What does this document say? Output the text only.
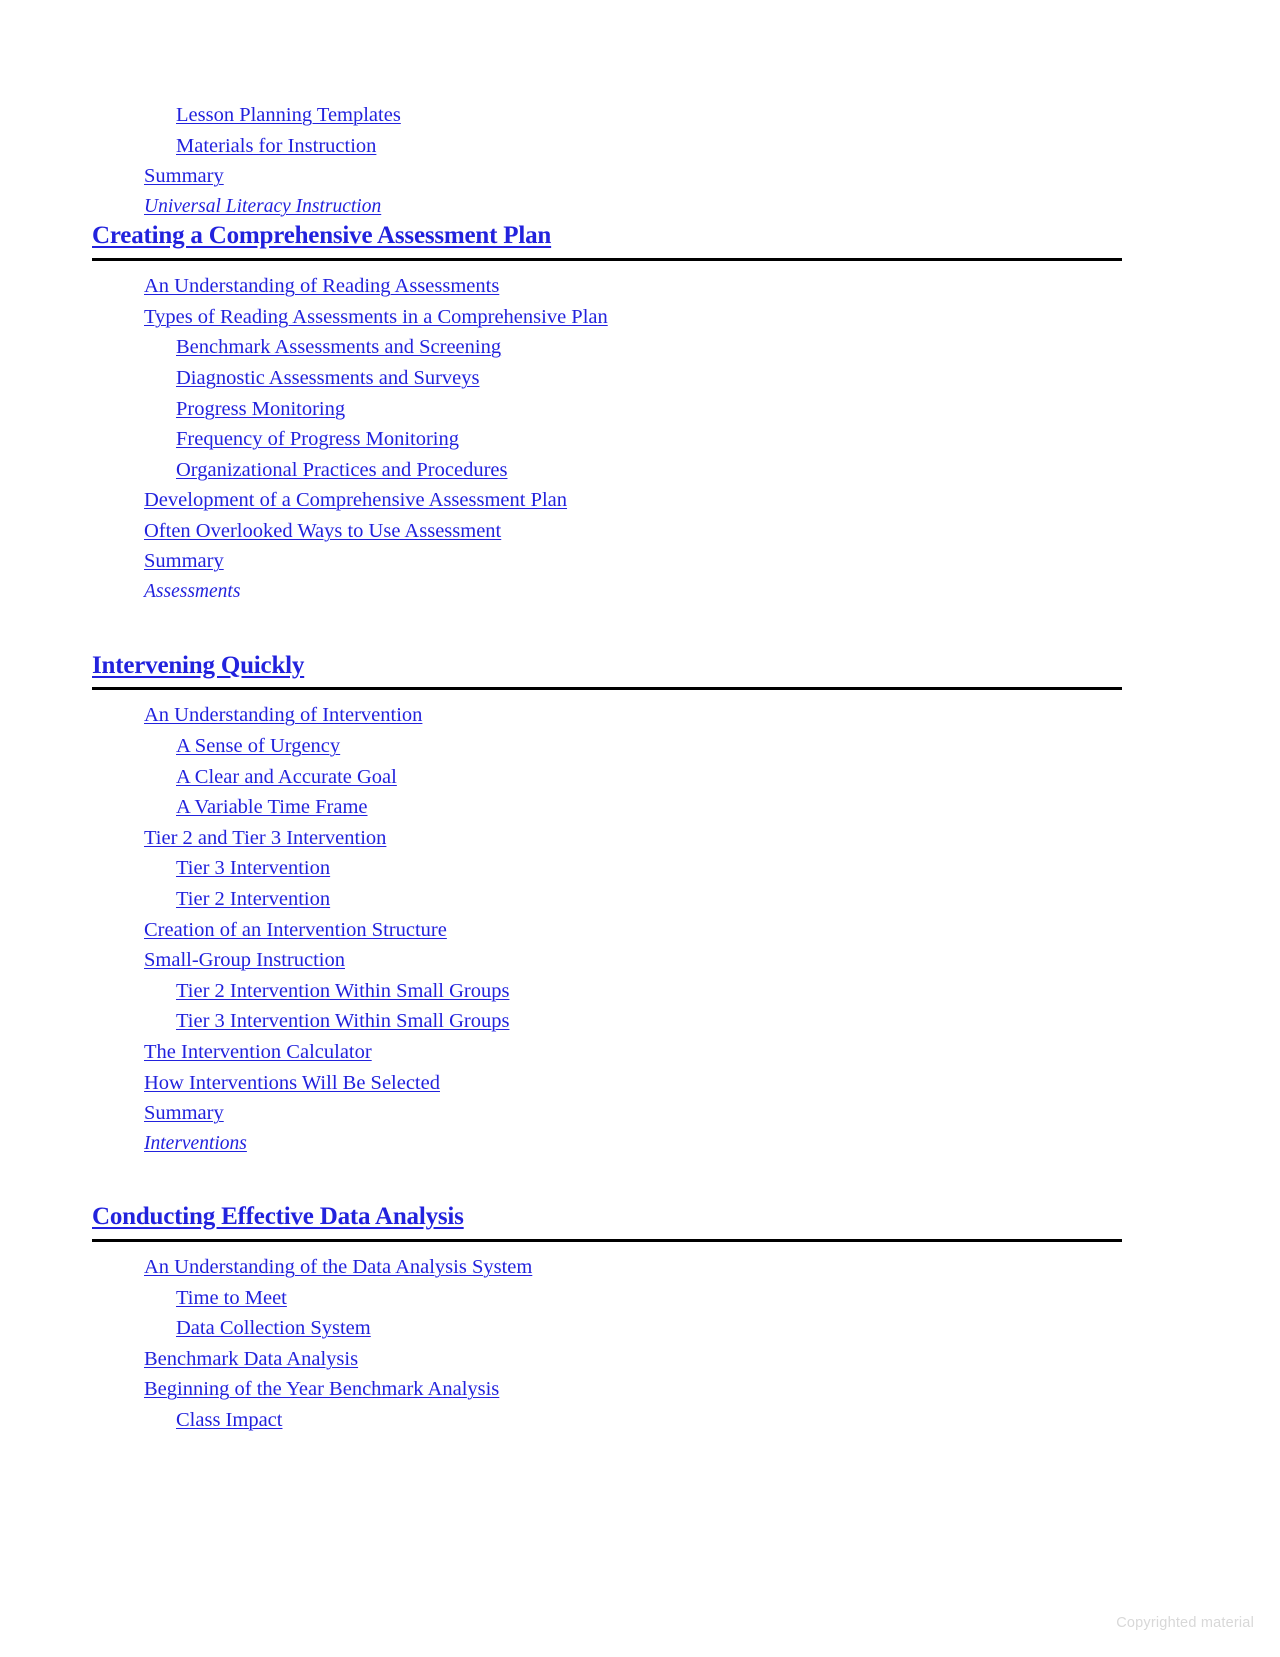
Lesson Planning Templates
Materials for Instruction
Summary
Universal Literacy Instruction
Creating a Comprehensive Assessment Plan
An Understanding of Reading Assessments
Types of Reading Assessments in a Comprehensive Plan
Benchmark Assessments and Screening
Diagnostic Assessments and Surveys
Progress Monitoring
Frequency of Progress Monitoring
Organizational Practices and Procedures
Development of a Comprehensive Assessment Plan
Often Overlooked Ways to Use Assessment
Summary
Assessments
Intervening Quickly
An Understanding of Intervention
A Sense of Urgency
A Clear and Accurate Goal
A Variable Time Frame
Tier 2 and Tier 3 Intervention
Tier 3 Intervention
Tier 2 Intervention
Creation of an Intervention Structure
Small-Group Instruction
Tier 2 Intervention Within Small Groups
Tier 3 Intervention Within Small Groups
The Intervention Calculator
How Interventions Will Be Selected
Summary
Interventions
Conducting Effective Data Analysis
An Understanding of the Data Analysis System
Time to Meet
Data Collection System
Benchmark Data Analysis
Beginning of the Year Benchmark Analysis
Class Impact
Copyrighted material
